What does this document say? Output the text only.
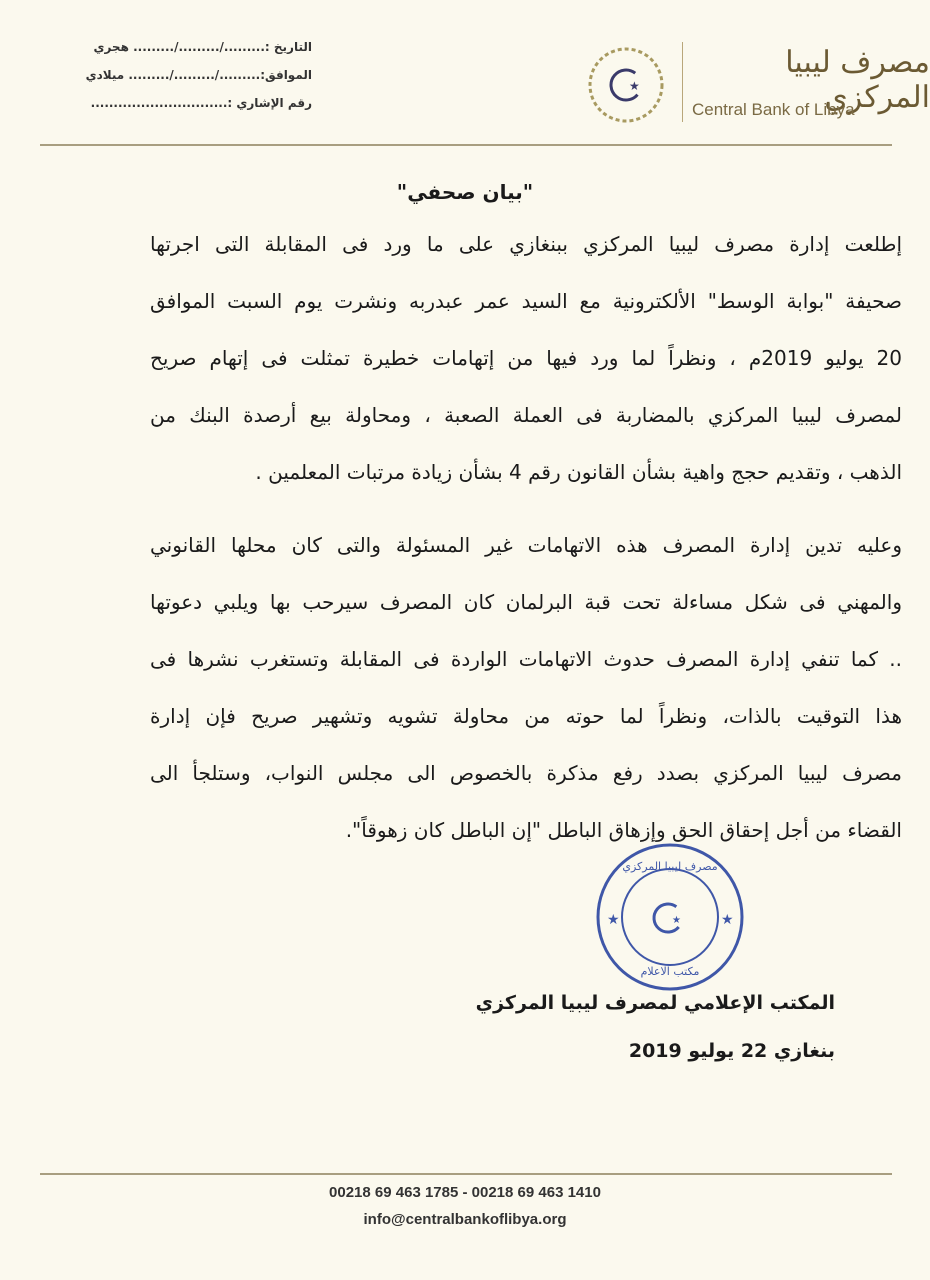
التاريخ :........./........./......... هجري
الموافق:........./........./......... ميلادي
رقم الإشاري :..............................
★
مصرف ليبيا المركزي
Central Bank of Libya
"بيان صحفي"
إطلعت إدارة مصرف ليبيا المركزي ببنغازي على ما ورد فى المقابلة التى اجرتها
صحيفة "بوابة الوسط" الألكترونية مع السيد عمر عبدربه ونشرت يوم السبت الموافق
20 يوليو 2019م ، ونظراً لما ورد فيها من إتهامات خطيرة تمثلت فى إتهام صريح
لمصرف ليبيا المركزي بالمضاربة فى العملة الصعبة ، ومحاولة بيع أرصدة البنك من
الذهب ، وتقديم حجج واهية بشأن القانون رقم 4 بشأن زيادة مرتبات المعلمين .
وعليه تدين إدارة المصرف هذه الاتهامات غير المسئولة والتى كان محلها القانوني
والمهني فى شكل مساءلة تحت قبة البرلمان كان المصرف سيرحب بها ويلبي دعوتها
.. كما تنفي إدارة المصرف حدوث الاتهامات الواردة فى المقابلة وتستغرب نشرها فى
هذا التوقيت بالذات، ونظراً لما حوته من محاولة تشويه وتشهير صريح فإن إدارة
مصرف ليبيا المركزي بصدد رفع مذكرة بالخصوص الى مجلس النواب، وستلجأ الى
القضاء من أجل إحقاق الحق وإزهاق الباطل "إن الباطل كان زهوقاً".
مصرف ليبيا المركزي
مكتب الاعلام
★	★
★
المكتب الإعلامي لمصرف ليبيا المركزي
بنغازي 22 يوليو 2019
00218 69 463 1785 - 00218 69 463 1410
info@centralbankoflibya.org
